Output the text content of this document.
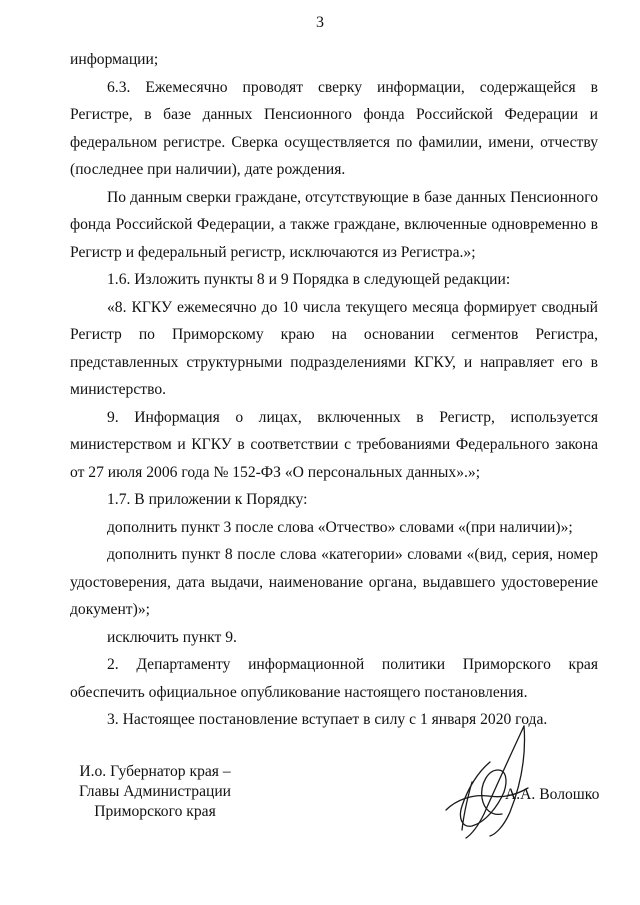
3

информации;

6.3. Ежемесячно проводят сверку информации, содержащейся в Регистре, в базе данных Пенсионного фонда Российской Федерации и федеральном регистре. Сверка осуществляется по фамилии, имени, отчеству (последнее при наличии), дате рождения.

По данным сверки граждане, отсутствующие в базе данных Пенсионного фонда Российской Федерации, а также граждане, включенные одновременно в Регистр и федеральный регистр, исключаются из Регистра.»;

1.6. Изложить пункты 8 и 9 Порядка в следующей редакции:

«8. КГКУ ежемесячно до 10 числа текущего месяца формирует сводный Регистр по Приморскому краю на основании сегментов Регистра, представленных структурными подразделениями КГКУ, и направляет его в министерство.

9. Информация о лицах, включенных в Регистр, используется министерством и КГКУ в соответствии с требованиями Федерального закона от 27 июля 2006 года № 152-ФЗ «О персональных данных».»;

1.7. В приложении к Порядку:

дополнить пункт 3 после слова «Отчество» словами «(при наличии)»;

дополнить пункт 8 после слова «категории» словами «(вид, серия, номер удостоверения, дата выдачи, наименование органа, выдавшего удостоверение документ)»;

исключить пункт 9.

2. Департаменту информационной политики Приморского края обеспечить официальное опубликование настоящего постановления.

3. Настоящее постановление вступает в силу с 1 января 2020 года.

И.о. Губернатор края –
Главы Администрации
Приморского края
А.А. Волошко
